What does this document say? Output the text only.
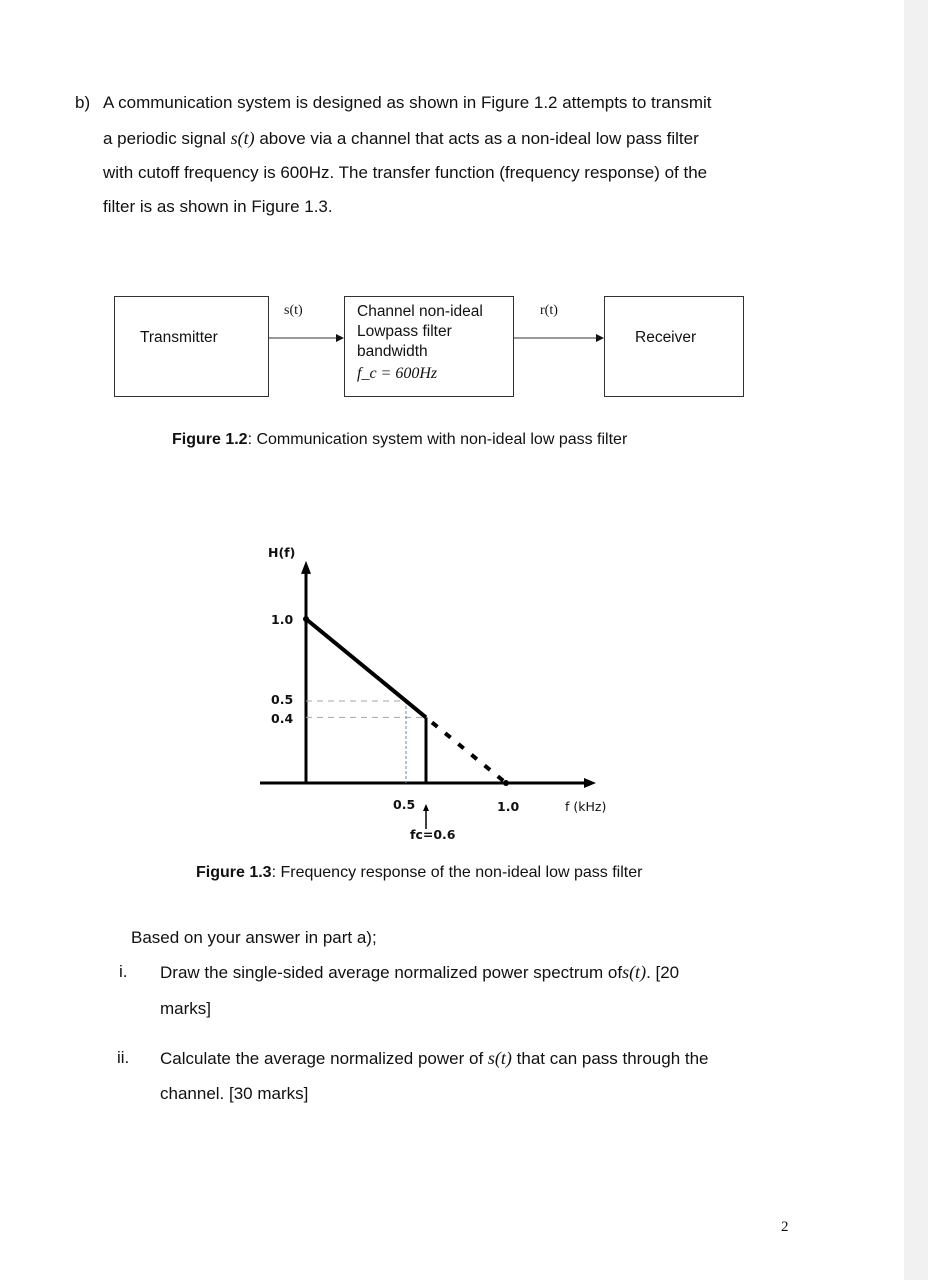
b) A communication system is designed as shown in Figure 1.2 attempts to transmit
a periodic signal s(t) above via a channel that acts as a non-ideal low pass filter
with cutoff frequency is 600Hz. The transfer function (frequency response) of the
filter is as shown in Figure 1.3.
Transmitter
Channel non-ideal
Lowpass filter
bandwidth
f_c = 600Hz
Receiver
s(t)	r(t)
Figure 1.2: Communication system with non-ideal low pass filter
H(f)
1.0
0.5
0.4
0.5	1.0	f (kHz)
fc=0.6
Figure 1.3: Frequency response of the non-ideal low pass filter
Based on your answer in part a);
i. Draw the single-sided average normalized power spectrum ofs(t). [20
marks]
ii. Calculate the average normalized power of s(t) that can pass through the
channel. [30 marks]
2
